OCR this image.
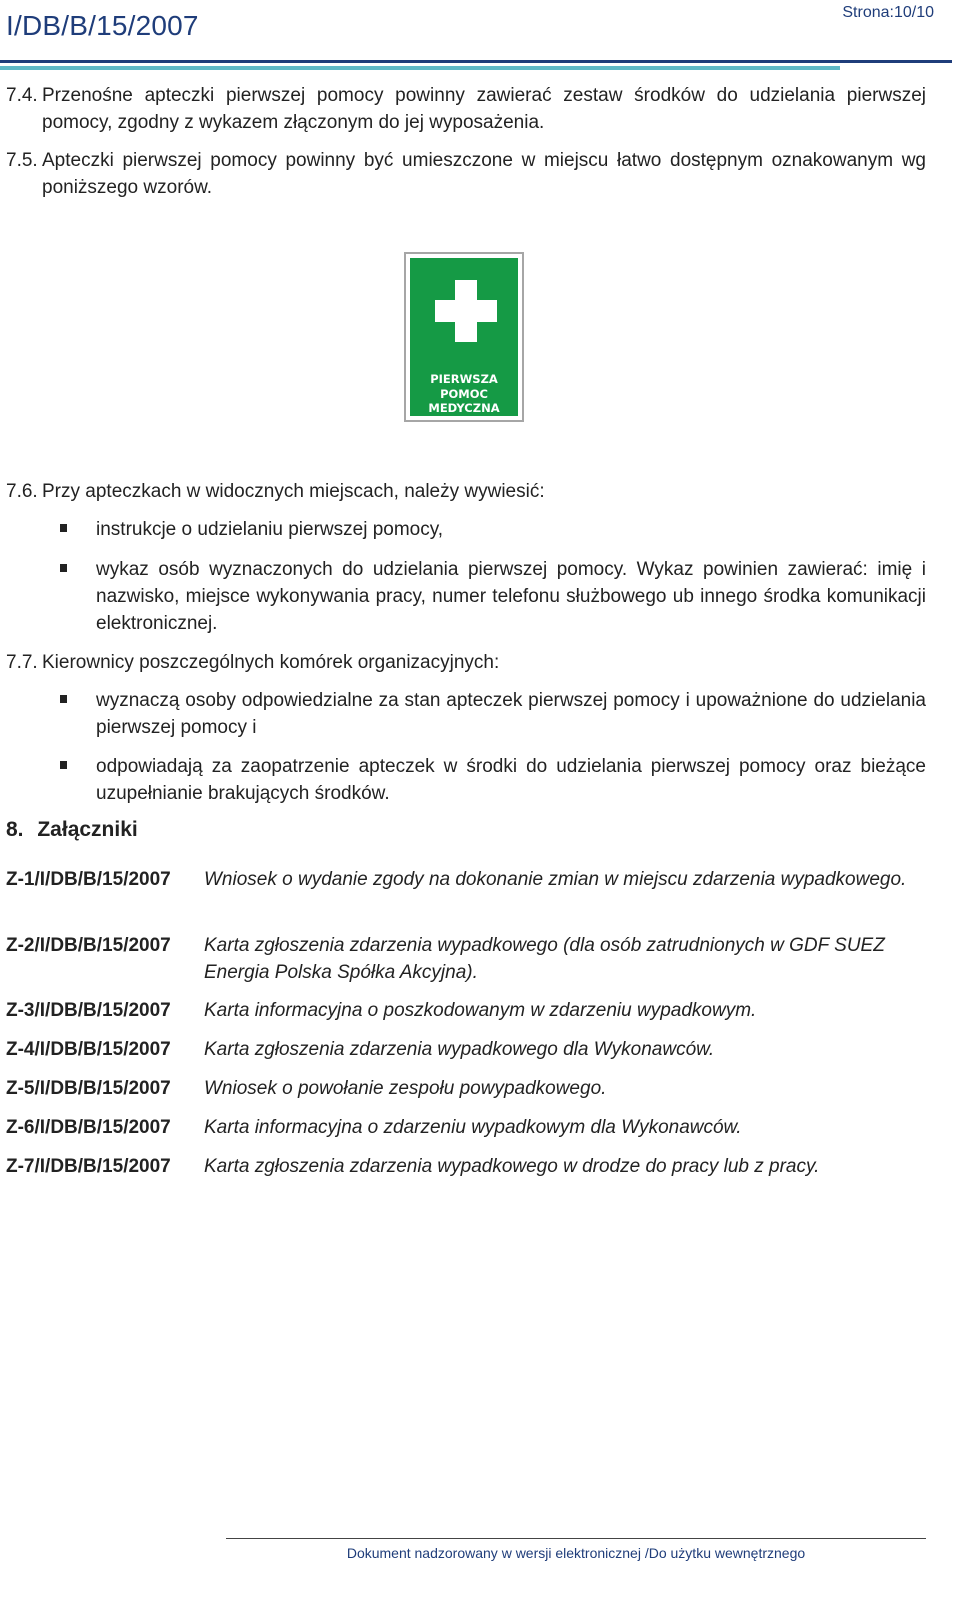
I/DB/B/15/2007	Strona:10/10
7.4. Przenośne apteczki pierwszej pomocy powinny zawierać zestaw środków do udzielania pierwszej pomocy, zgodny z wykazem złączonym do jej wyposażenia.
7.5. Apteczki pierwszej pomocy powinny być umieszczone w miejscu łatwo dostępnym oznakowanym wg poniższego wzorów.
PIERWSZA
POMOC
MEDYCZNA
7.6. Przy apteczkach w widocznych miejscach, należy wywiesić:
instrukcje o udzielaniu pierwszej pomocy,
wykaz osób wyznaczonych do udzielania pierwszej pomocy. Wykaz powinien zawierać: imię i nazwisko, miejsce wykonywania pracy, numer telefonu służbowego ub innego środka komunikacji elektronicznej.
7.7. Kierownicy poszczególnych komórek organizacyjnych:
wyznaczą osoby odpowiedzialne za stan apteczek pierwszej pomocy i upoważnione do udzielania pierwszej pomocy i
odpowiadają za zaopatrzenie apteczek w środki do udzielania pierwszej pomocy oraz bieżące uzupełnianie brakujących środków.
8. Załączniki
Z-1/I/DB/B/15/2007 Wniosek o wydanie zgody na dokonanie zmian w miejscu zdarzenia wypadkowego.
Z-2/I/DB/B/15/2007 Karta zgłoszenia zdarzenia wypadkowego (dla osób zatrudnionych w GDF SUEZ Energia Polska Spółka Akcyjna).
Z-3/I/DB/B/15/2007 Karta informacyjna o poszkodowanym w zdarzeniu wypadkowym.
Z-4/I/DB/B/15/2007 Karta zgłoszenia zdarzenia wypadkowego dla Wykonawców.
Z-5/I/DB/B/15/2007 Wniosek o powołanie zespołu powypadkowego.
Z-6/I/DB/B/15/2007 Karta informacyjna o zdarzeniu wypadkowym dla Wykonawców.
Z-7/I/DB/B/15/2007 Karta zgłoszenia zdarzenia wypadkowego w drodze do pracy lub z pracy.
Dokument nadzorowany w wersji elektronicznej /Do użytku wewnętrznego
